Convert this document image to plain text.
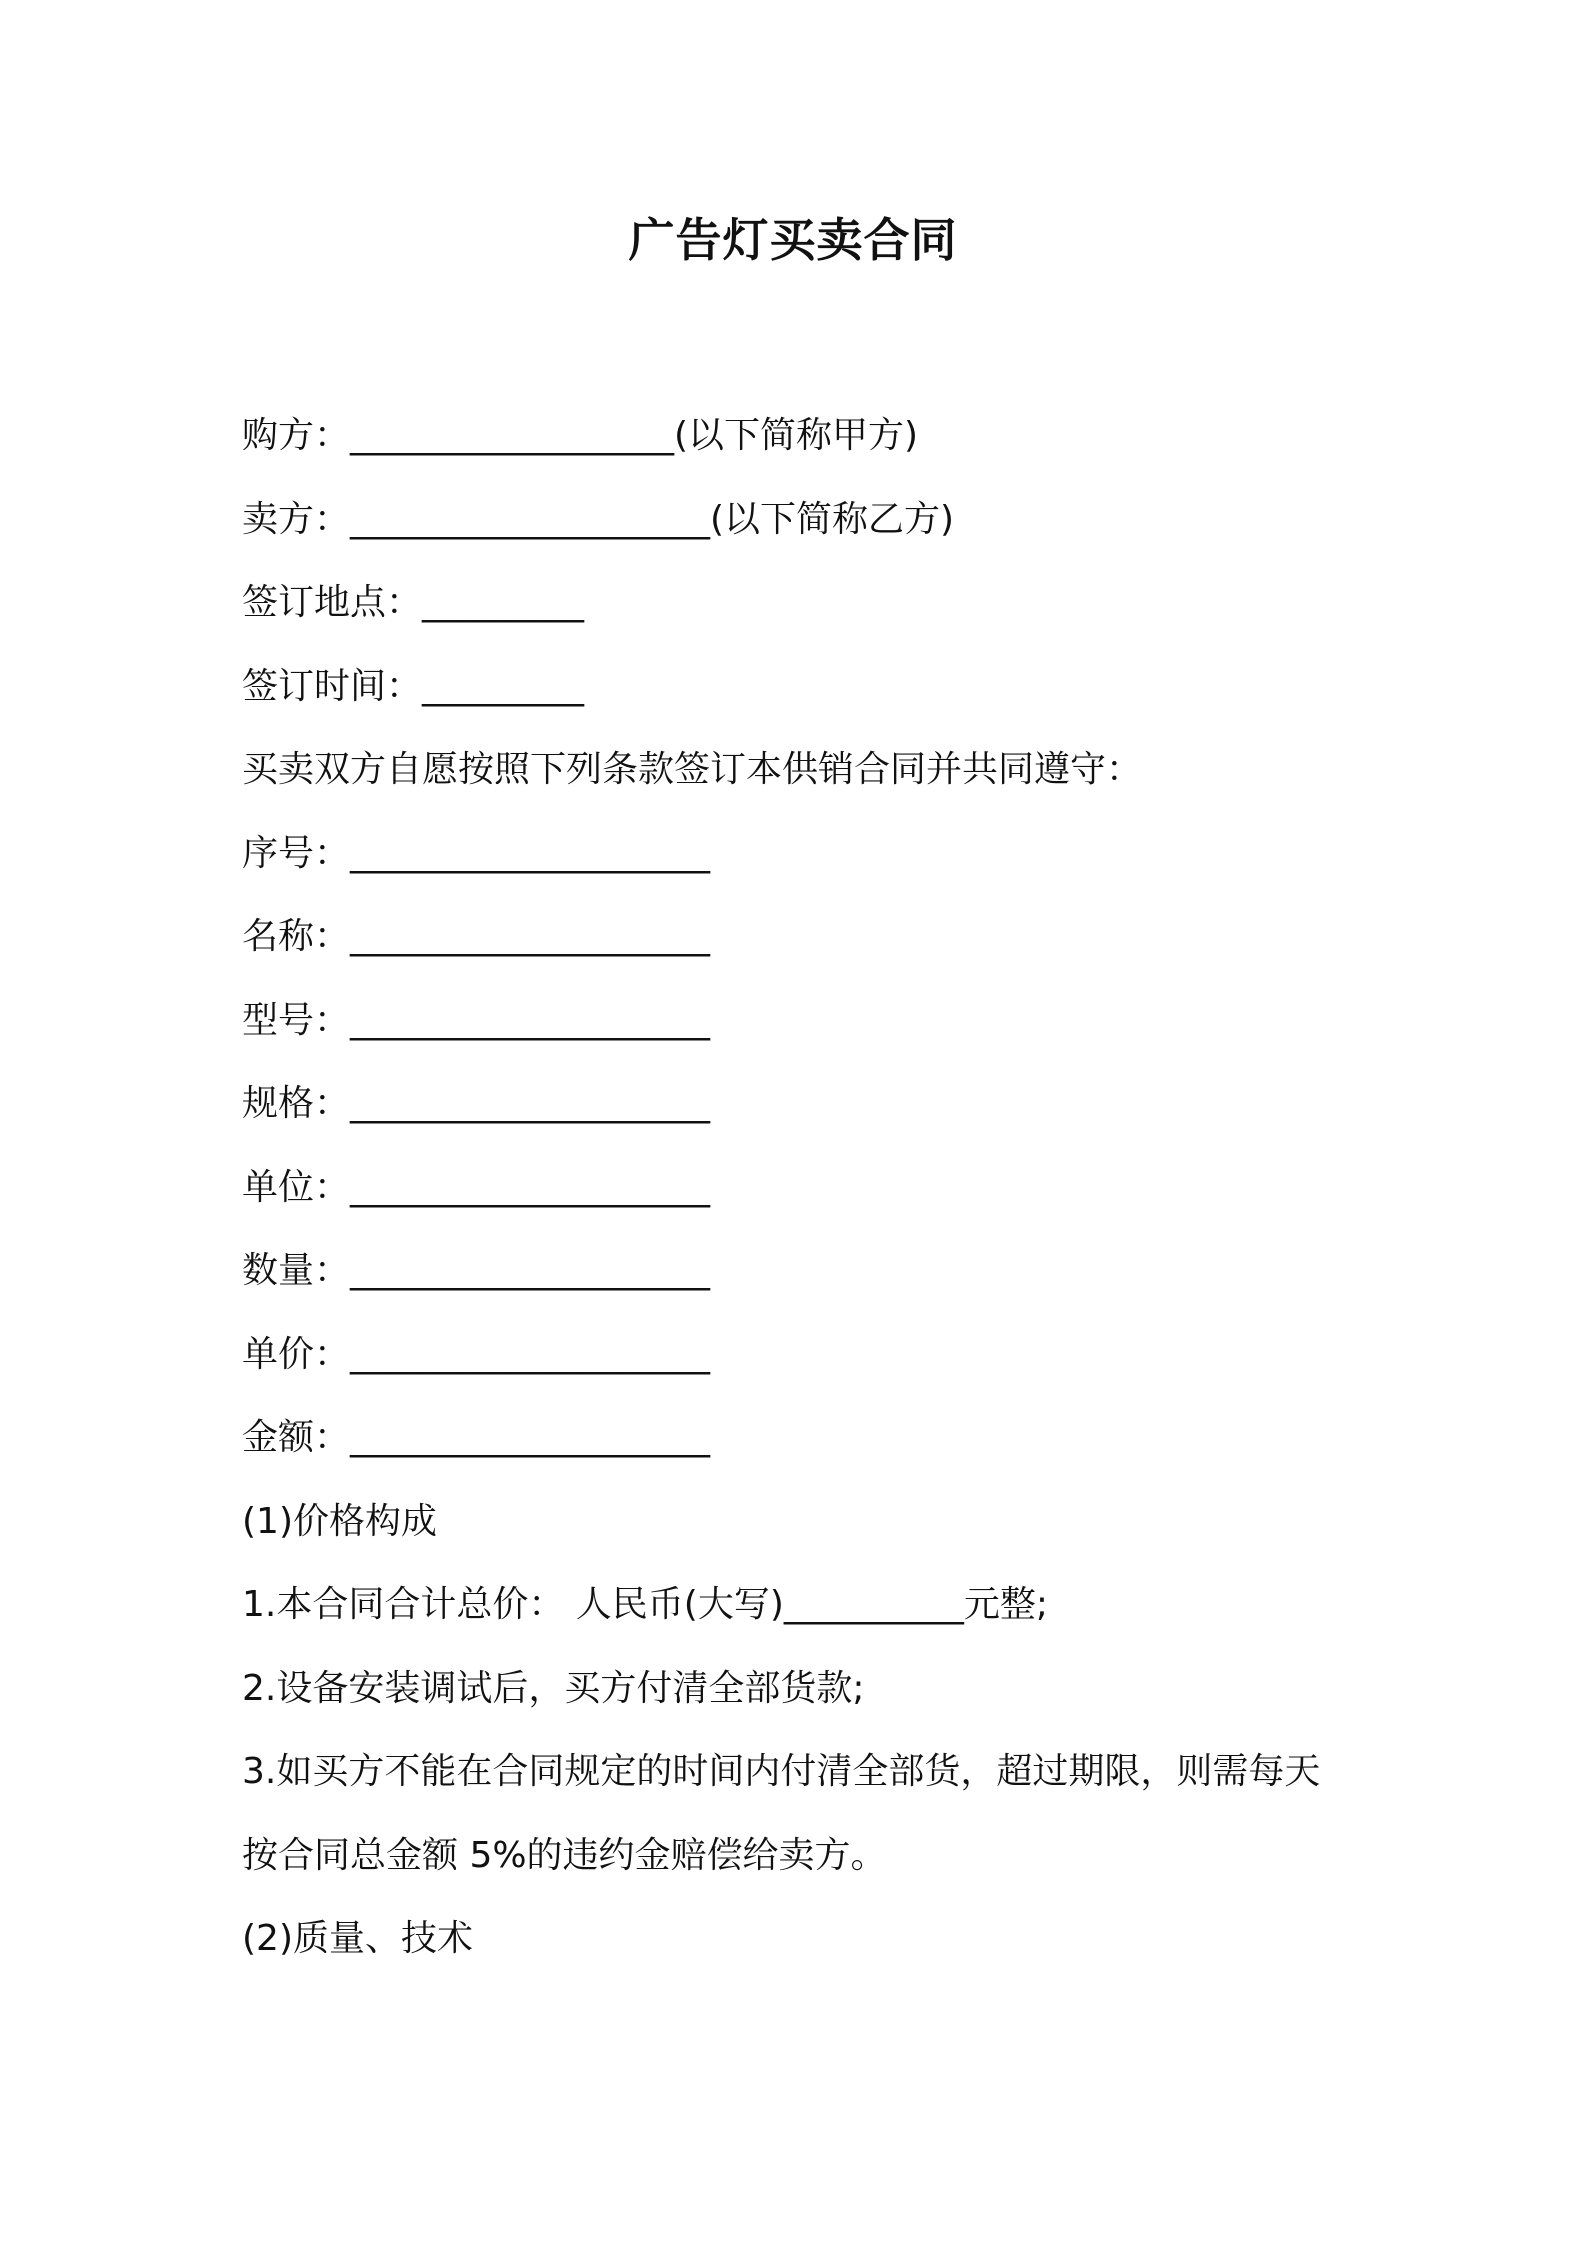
广告灯买卖合同
购方：__________________(以下简称甲方)
卖方：____________________(以下简称乙方)
签订地点：_________
签订时间：_________
买卖双方自愿按照下列条款签订本供销合同并共同遵守：
序号：____________________
名称：____________________
型号：____________________
规格：____________________
单位：____________________
数量：____________________
单价：____________________
金额：____________________
(1)价格构成
1.本合同合计总价： 人民币(大写)__________元整;
2.设备安装调试后，买方付清全部货款;
3.如买方不能在合同规定的时间内付清全部货，超过期限，则需每天
按合同总金额 5%的违约金赔偿给卖方。
(2)质量、技术
